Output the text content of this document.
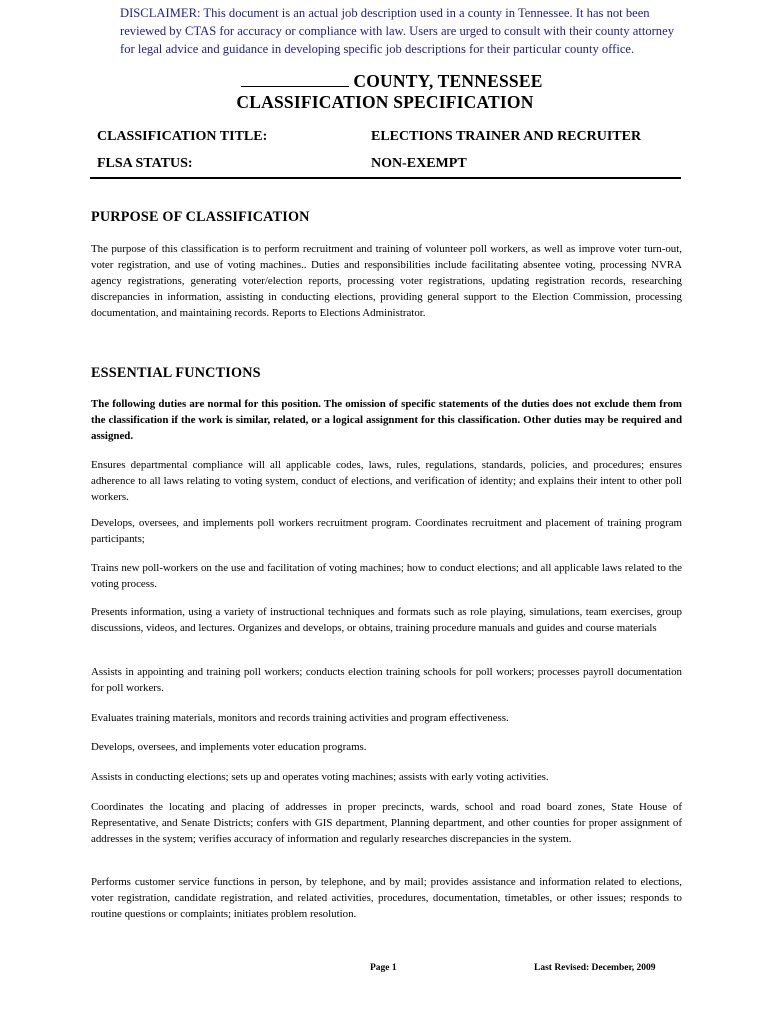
DISCLAIMER: This document is an actual job description used in a county in Tennessee. It has not been reviewed by CTAS for accuracy or compliance with law. Users are urged to consult with their county attorney for legal advice and guidance in developing specific job descriptions for their particular county office.
COUNTY, TENNESSEE
CLASSIFICATION SPECIFICATION
CLASSIFICATION TITLE:	ELECTIONS TRAINER AND RECRUITER
FLSA STATUS:	NON-EXEMPT
PURPOSE OF CLASSIFICATION
The purpose of this classification is to perform recruitment and training of volunteer poll workers, as well as improve voter turn-out, voter registration, and use of voting machines.. Duties and responsibilities include facilitating absentee voting, processing NVRA agency registrations, generating voter/election reports, processing voter registrations, updating registration records, researching discrepancies in information, assisting in conducting elections, providing general support to the Election Commission, processing documentation, and maintaining records. Reports to Elections Administrator.
ESSENTIAL FUNCTIONS
The following duties are normal for this position. The omission of specific statements of the duties does not exclude them from the classification if the work is similar, related, or a logical assignment for this classification. Other duties may be required and assigned.
Ensures departmental compliance will all applicable codes, laws, rules, regulations, standards, policies, and procedures; ensures adherence to all laws relating to voting system, conduct of elections, and verification of identity; and explains their intent to other poll workers.
Develops, oversees, and implements poll workers recruitment program. Coordinates recruitment and placement of training program participants;
Trains new poll-workers on the use and facilitation of voting machines; how to conduct elections; and all applicable laws related to the voting process.
Presents information, using a variety of instructional techniques and formats such as role playing, simulations, team exercises, group discussions, videos, and lectures. Organizes and develops, or obtains, training procedure manuals and guides and course materials
Assists in appointing and training poll workers; conducts election training schools for poll workers; processes payroll documentation for poll workers.
Evaluates training materials, monitors and records training activities and program effectiveness.
Develops, oversees, and implements voter education programs.
Assists in conducting elections; sets up and operates voting machines; assists with early voting activities.
Coordinates the locating and placing of addresses in proper precincts, wards, school and road board zones, State House of Representative, and Senate Districts; confers with GIS department, Planning department, and other counties for proper assignment of addresses in the system; verifies accuracy of information and regularly researches discrepancies in the system.
Performs customer service functions in person, by telephone, and by mail; provides assistance and information related to elections, voter registration, candidate registration, and related activities, procedures, documentation, timetables, or other issues; responds to routine questions or complaints; initiates problem resolution.
Page 1	Last Revised: December, 2009
